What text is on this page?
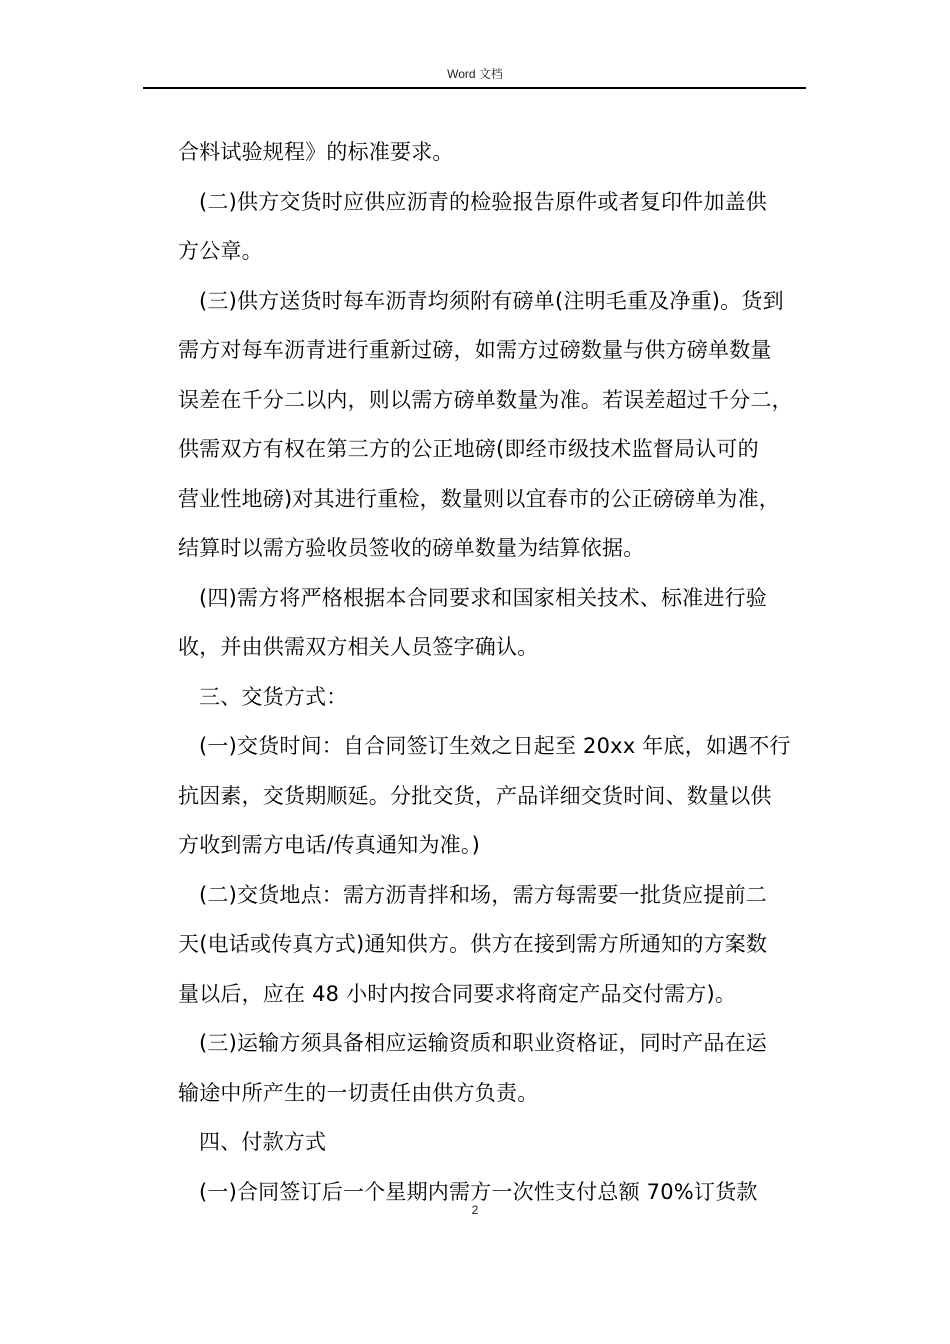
Word 文档
合料试验规程》的标准要求。
(二)供方交货时应供应沥青的检验报告原件或者复印件加盖供
方公章。
(三)供方送货时每车沥青均须附有磅单(注明毛重及净重)。货到
需方对每车沥青进行重新过磅，如需方过磅数量与供方磅单数量
误差在千分二以内，则以需方磅单数量为准。若误差超过千分二，
供需双方有权在第三方的公正地磅(即经市级技术监督局认可的
营业性地磅)对其进行重检，数量则以宜春市的公正磅磅单为准，
结算时以需方验收员签收的磅单数量为结算依据。
(四)需方将严格根据本合同要求和国家相关技术、标准进行验
收，并由供需双方相关人员签字确认。
三、交货方式：
(一)交货时间：自合同签订生效之日起至 20xx 年底，如遇不行
抗因素，交货期顺延。分批交货，产品详细交货时间、数量以供
方收到需方电话/传真通知为准。)
(二)交货地点：需方沥青拌和场，需方每需要一批货应提前二
天(电话或传真方式)通知供方。供方在接到需方所通知的方案数
量以后，应在 48 小时内按合同要求将商定产品交付需方)。
(三)运输方须具备相应运输资质和职业资格证，同时产品在运
输途中所产生的一切责任由供方负责。
四、付款方式
(一)合同签订后一个星期内需方一次性支付总额 70%订货款
2
